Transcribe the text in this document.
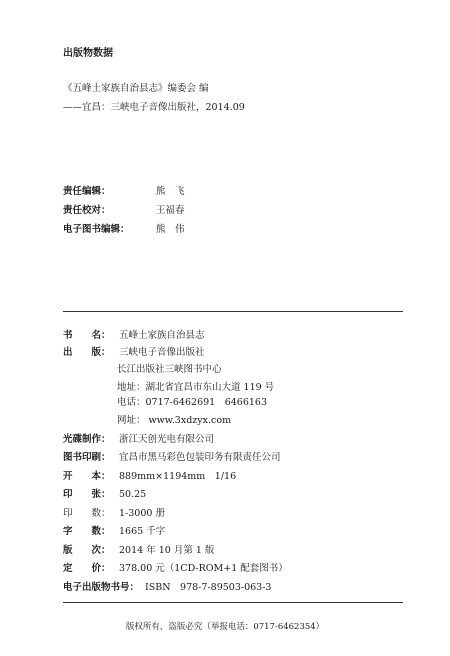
出版物数据
《五峰土家族自治县志》编委会 编
——宜昌：三峡电子音像出版社，2014.09
责任编辑：	熊　飞
责任校对：	王福春
电子图书编辑：	熊　伟
书　　名： 五峰土家族自治县志
出　　版： 三峡电子音像出版社
长江出版社三峡图书中心
地址：湖北省宜昌市东山大道 119 号
电话：0717-6462691　6466163
网址： www.3xdzyx.com
光碟制作： 浙江天创光电有限公司
图书印刷： 宜昌市黑马彩色包装印务有限责任公司
开　　本： 889mm×1194mm　1/16
印　　张： 50.25
印　　数： 1-3000 册
字　　数： 1665 千字
版　　次： 2014 年 10 月第 1 版
定　　价： 378.00 元（1CD-ROM+1 配套图书）
电子出版物书号： ISBN　978-7-89503-063-3
版权所有，盗版必究（举报电话：0717-6462354）
